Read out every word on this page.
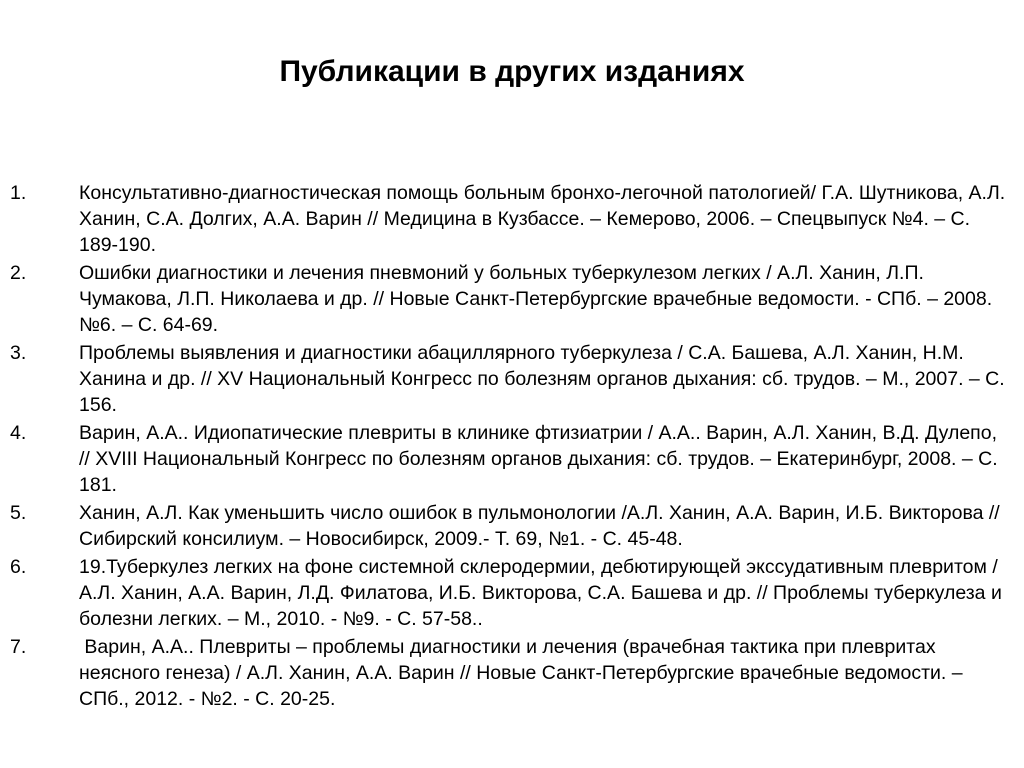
Публикации в других изданиях
1.	Консультативно-диагностическая помощь больным бронхо-легочной патологией/ Г.А. Шутникова, А.Л. Ханин, С.А. Долгих, А.А. Варин // Медицина в Кузбассе. – Кемерово, 2006. – Спецвыпуск №4. – С. 189-190.
2.	Ошибки диагностики и лечения пневмоний у больных туберкулезом легких / А.Л. Ханин, Л.П. Чумакова, Л.П. Николаева и др. // Новые Санкт-Петербургские врачебные ведомости. - СПб. – 2008. №6. – С. 64-69.
3.	Проблемы выявления и диагностики абациллярного туберкулеза / С.А. Башева, А.Л. Ханин, Н.М. Ханина и др. // XV Национальный Конгресс по болезням органов дыхания: сб. трудов. – М., 2007. – С. 156.
4.	Варин, А.А.. Идиопатические плевриты в клинике фтизиатрии / А.А.. Варин, А.Л. Ханин, В.Д. Дулепо, // XVIII Национальный Конгресс по болезням органов дыхания: сб. трудов. – Екатеринбург, 2008. – С. 181.
5.	Ханин, А.Л. Как уменьшить число ошибок в пульмонологии /А.Л. Ханин, А.А. Варин, И.Б. Викторова // Сибирский консилиум. – Новосибирск, 2009.- Т. 69, №1. - С. 45-48.
6.	19.Туберкулез легких на фоне системной склеродермии, дебютирующей экссудативным плевритом / А.Л. Ханин, А.А. Варин, Л.Д. Филатова, И.Б. Викторова, С.А. Башева и др. // Проблемы туберкулеза и болезни легких. – М., 2010. - №9. - С. 57-58..
7.	Варин, А.А.. Плевриты – проблемы диагностики и лечения (врачебная тактика при плевритах неясного генеза) / А.Л. Ханин, А.А. Варин // Новые Санкт-Петербургские врачебные ведомости. – СПб., 2012. - №2. - С. 20-25.
